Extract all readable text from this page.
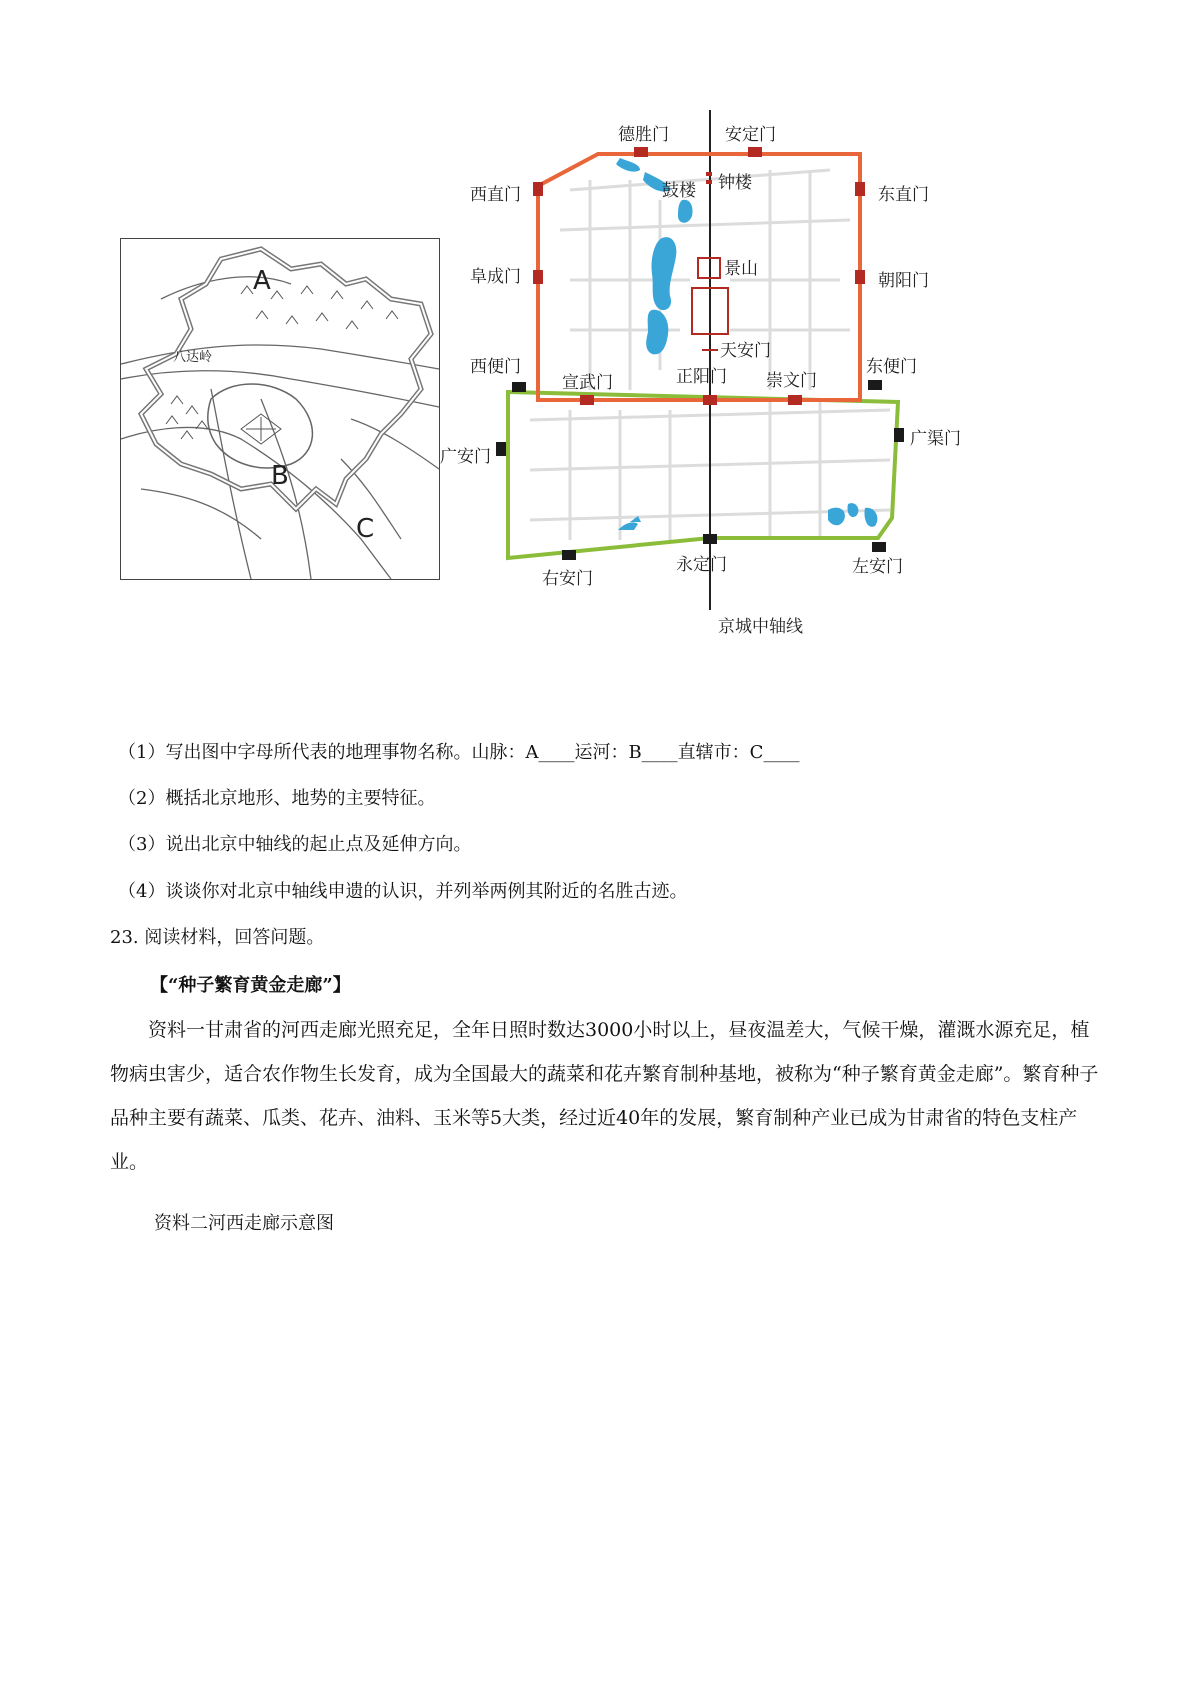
A
八达岭
B
C
德胜门	安定门
西直门	东直门
阜成门	朝阳门
西便门	东便门
宣武门	正阳门 崇文门
广安门
广渠门
右安门
永定门	左安门
鼓楼 钟楼
景山
天安门
京城中轴线
（1）写出图中字母所代表的地理事物名称。山脉：A____运河：B____直辖市：C____
（2）概括北京地形、地势的主要特征。
（3）说出北京中轴线的起止点及延伸方向。
（4）谈谈你对北京中轴线申遗的认识，并列举两例其附近的名胜古迹。
23. 阅读材料，回答问题。
【“种子繁育黄金走廊”】
资料一甘肃省的河西走廊光照充足，全年日照时数达3000小时以上，昼夜温差大，气候干燥，灌溉水源充足，植物病虫害少，适合农作物生长发育，成为全国最大的蔬菜和花卉繁育制种基地，被称为“种子繁育黄金走廊”。繁育种子品种主要有蔬菜、瓜类、花卉、油料、玉米等5大类，经过近40年的发展，繁育制种产业已成为甘肃省的特色支柱产业。
资料二河西走廊示意图
